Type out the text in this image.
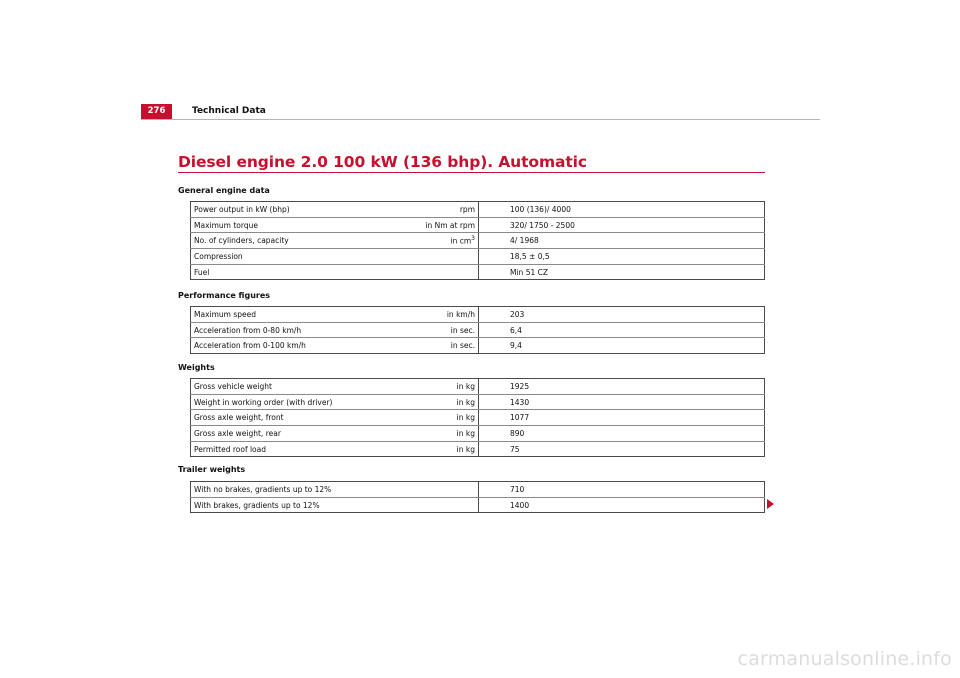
276	Technical Data
Diesel engine 2.0 100 kW (136 bhp). Automatic
General engine data
Power output in kW (bhp)	rpm	100 (136)/ 4000
Maximum torque	in Nm at rpm	320/ 1750 - 2500
No. of cylinders, capacity	in $cm^3$	4/ 1968
Compression		18,5 ± 0,5
Fuel		Min 51 CZ
Performance figures
Maximum speed	in km/h	203
Acceleration from 0-80 km/h	in sec.	6,4
Acceleration from 0-100 km/h	in sec.	9,4
Weights
Gross vehicle weight	in kg	1925
Weight in working order (with driver)	in kg	1430
Gross axle weight, front	in kg	1077
Gross axle weight, rear	in kg	890
Permitted roof load	in kg	75
Trailer weights
With no brakes, gradients up to 12%	710
With brakes, gradients up to 12%	1400
carmanualsonline.info
